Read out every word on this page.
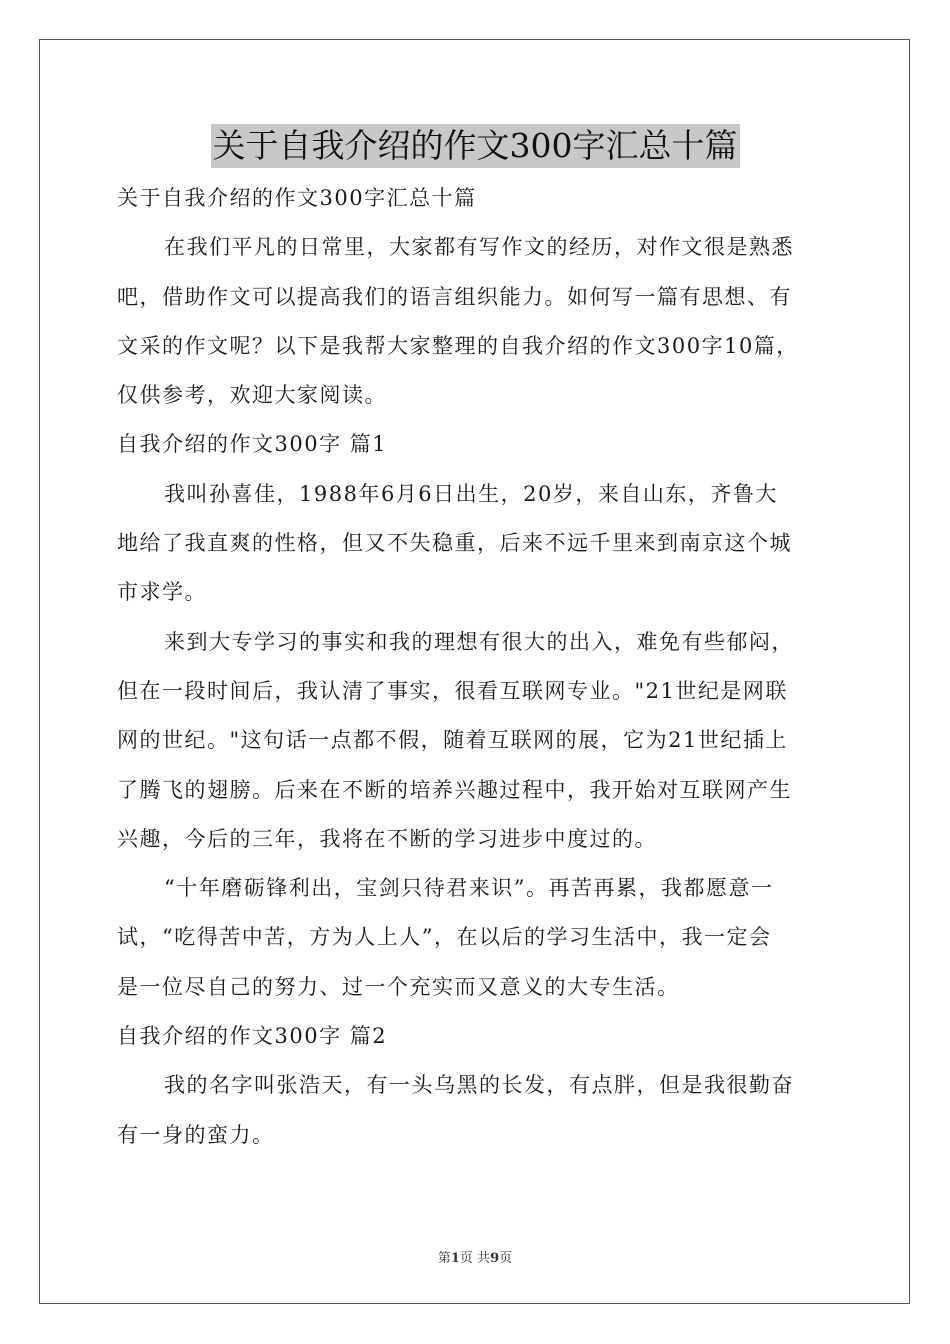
关于自我介绍的作文300字汇总十篇
关于自我介绍的作文300字汇总十篇
在我们平凡的日常里，大家都有写作文的经历，对作文很是熟悉
吧，借助作文可以提高我们的语言组织能力。如何写一篇有思想、有
文采的作文呢？以下是我帮大家整理的自我介绍的作文300字10篇，
仅供参考，欢迎大家阅读。
自我介绍的作文300字 篇1
我叫孙喜佳，1988年6月6日出生，20岁，来自山东，齐鲁大
地给了我直爽的性格，但又不失稳重，后来不远千里来到南京这个城
市求学。
来到大专学习的事实和我的理想有很大的出入，难免有些郁闷，
但在一段时间后，我认清了事实，很看互联网专业。"21世纪是网联
网的世纪。"这句话一点都不假，随着互联网的展，它为21世纪插上
了腾飞的翅膀。后来在不断的培养兴趣过程中，我开始对互联网产生
兴趣，今后的三年，我将在不断的学习进步中度过的。
“十年磨砺锋利出，宝剑只待君来识”。再苦再累，我都愿意一
试，“吃得苦中苦，方为人上人”，在以后的学习生活中，我一定会
是一位尽自己的努力、过一个充实而又意义的大专生活。
自我介绍的作文300字 篇2
我的名字叫张浩天，有一头乌黑的长发，有点胖，但是我很勤奋
有一身的蛮力。
第1页 共9页
